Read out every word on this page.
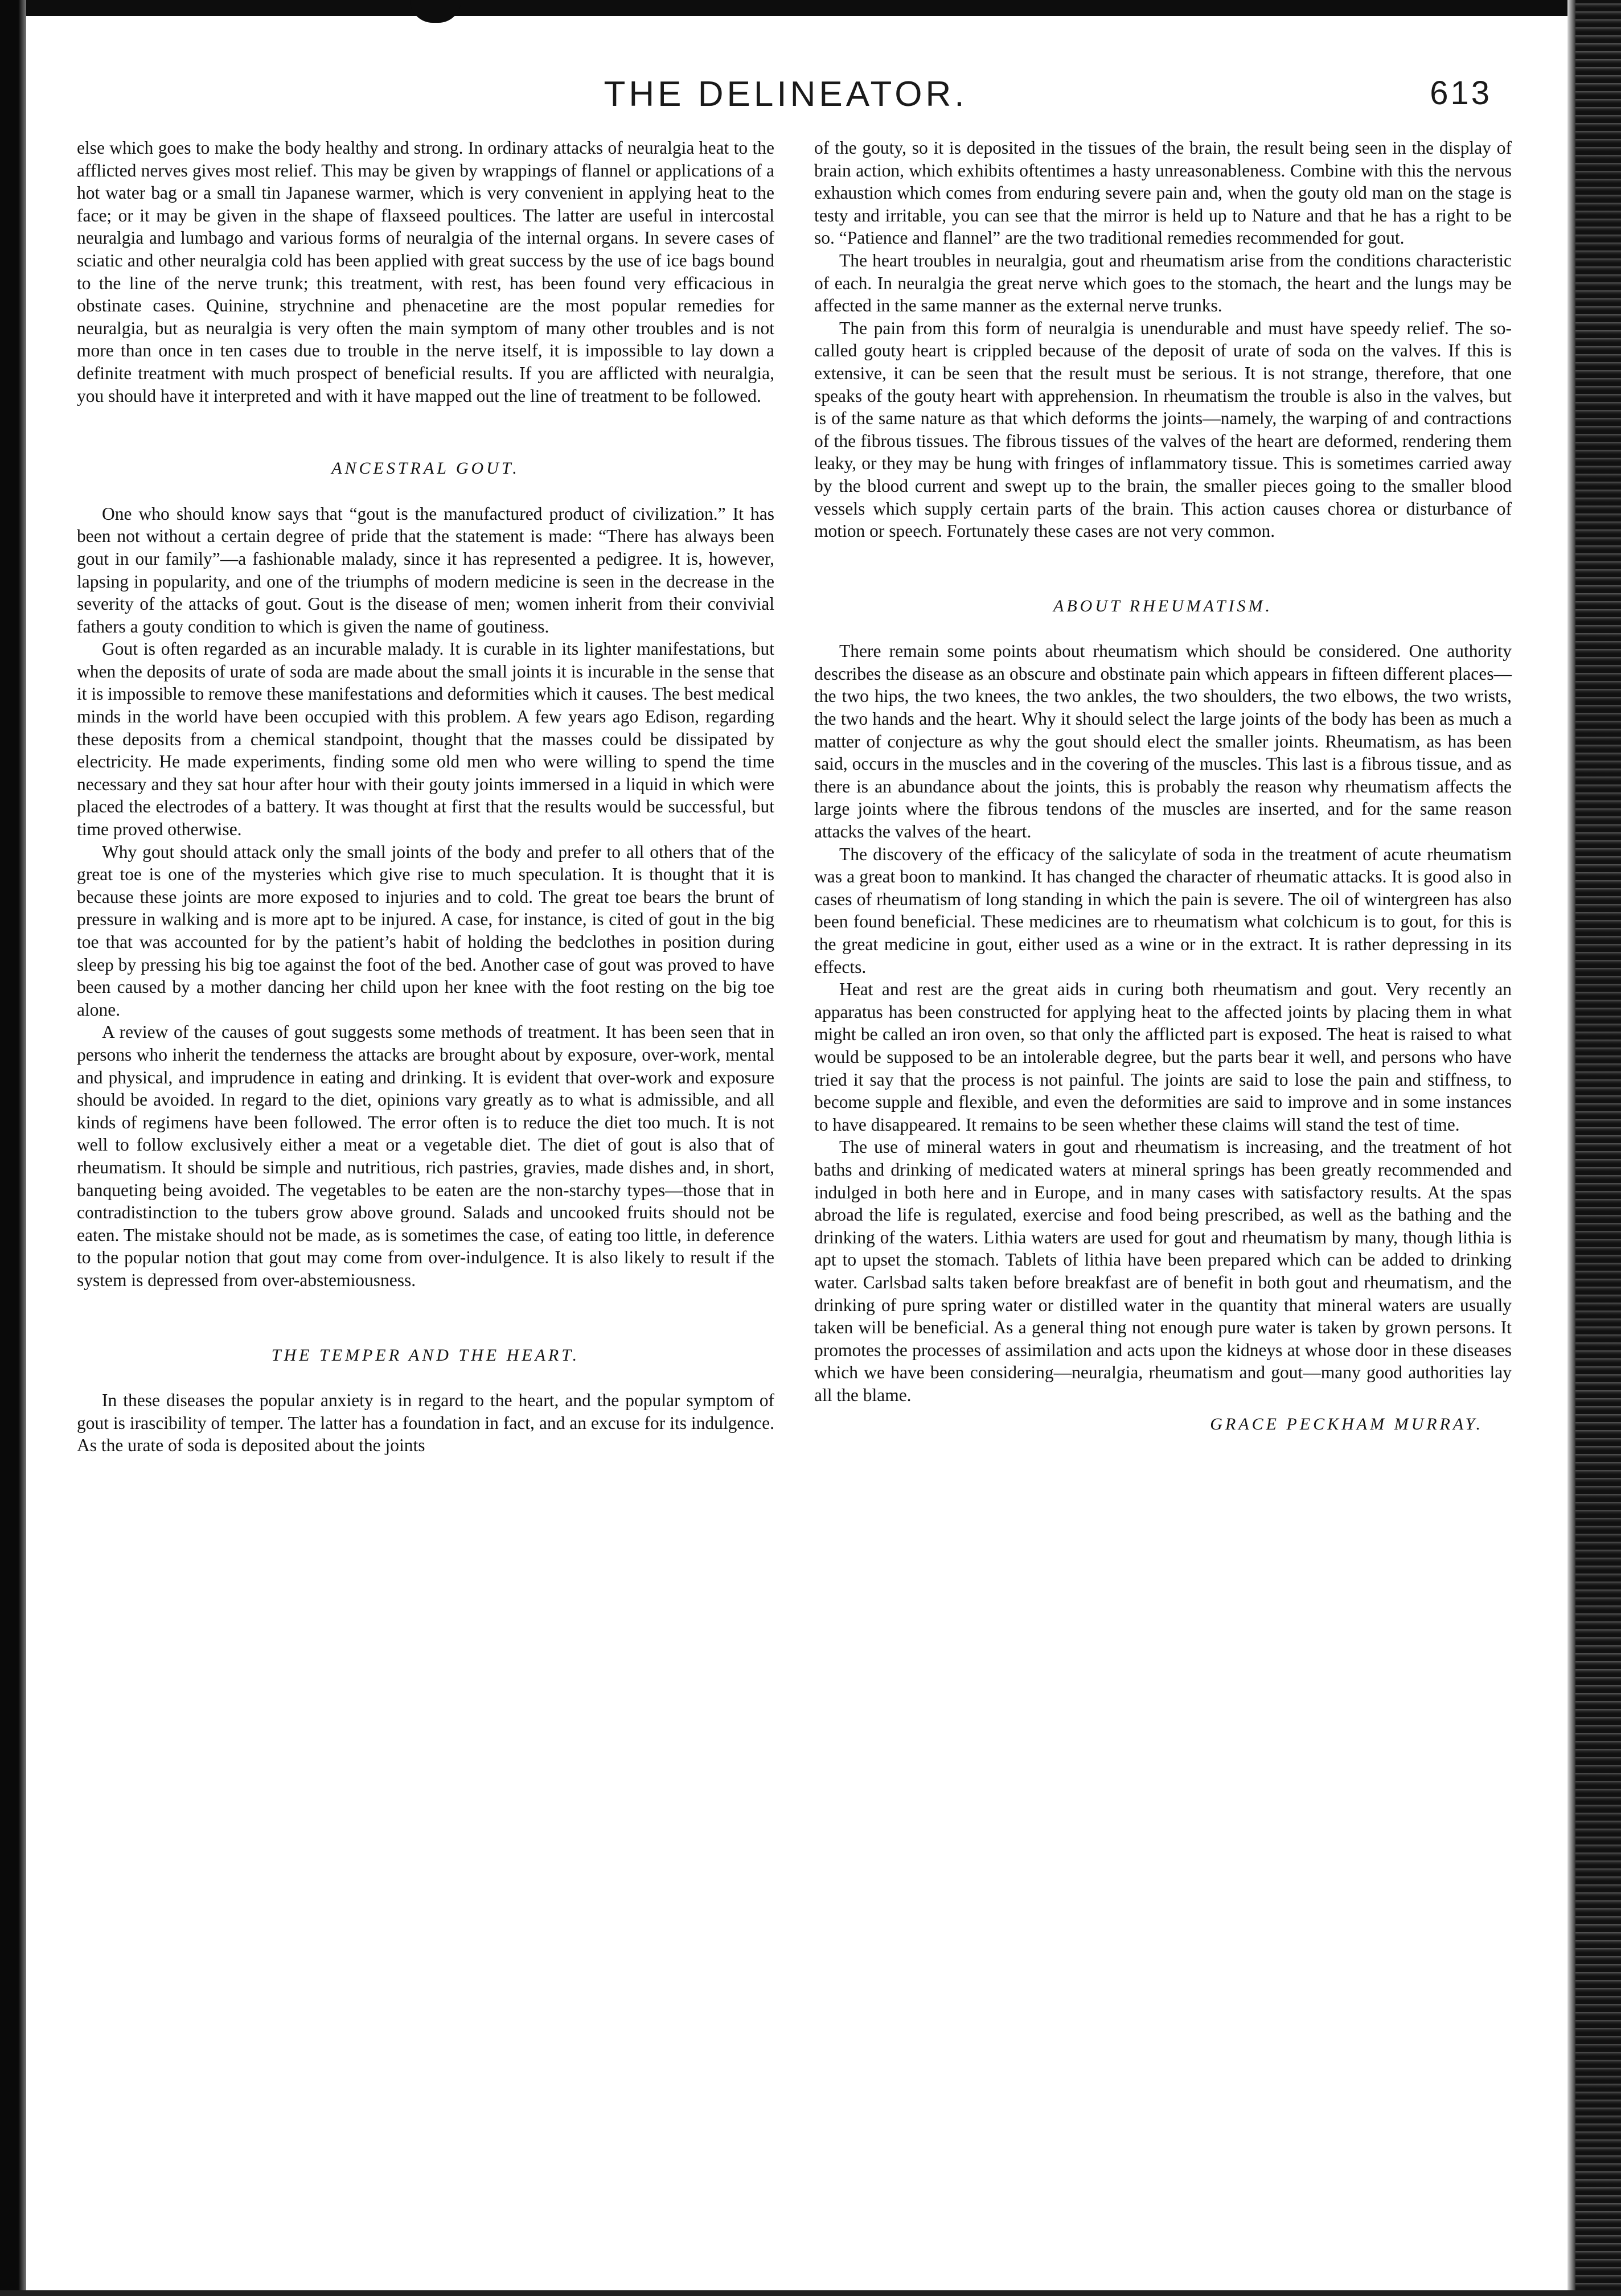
THE DELINEATOR.	613

else which goes to make the body healthy and strong. In ordinary attacks of neuralgia heat to the afflicted nerves gives most relief. This may be given by wrappings of flannel or applications of a hot water bag or a small tin Japanese warmer, which is very convenient in applying heat to the face; or it may be given in the shape of flaxseed poultices. The latter are useful in intercostal neuralgia and lumbago and various forms of neuralgia of the internal organs. In severe cases of sciatic and other neuralgia cold has been applied with great success by the use of ice bags bound to the line of the nerve trunk; this treatment, with rest, has been found very efficacious in obstinate cases. Quinine, strychnine and phenacetine are the most popular remedies for neuralgia, but as neuralgia is very often the main symptom of many other troubles and is not more than once in ten cases due to trouble in the nerve itself, it is impossible to lay down a definite treatment with much prospect of beneficial results. If you are afflicted with neuralgia, you should have it interpreted and with it have mapped out the line of treatment to be followed.

ANCESTRAL GOUT.

One who should know says that “gout is the manufactured product of civilization.” It has been not without a certain degree of pride that the statement is made: “There has always been gout in our family”—a fashionable malady, since it has represented a pedigree. It is, however, lapsing in popularity, and one of the triumphs of modern medicine is seen in the decrease in the severity of the attacks of gout. Gout is the disease of men; women inherit from their convivial fathers a gouty condition to which is given the name of goutiness.

Gout is often regarded as an incurable malady. It is curable in its lighter manifestations, but when the deposits of urate of soda are made about the small joints it is incurable in the sense that it is impossible to remove these manifestations and deformities which it causes. The best medical minds in the world have been occupied with this problem. A few years ago Edison, regarding these deposits from a chemical standpoint, thought that the masses could be dissipated by electricity. He made experiments, finding some old men who were willing to spend the time necessary and they sat hour after hour with their gouty joints immersed in a liquid in which were placed the electrodes of a battery. It was thought at first that the results would be successful, but time proved otherwise.

Why gout should attack only the small joints of the body and prefer to all others that of the great toe is one of the mysteries which give rise to much speculation. It is thought that it is because these joints are more exposed to injuries and to cold. The great toe bears the brunt of pressure in walking and is more apt to be injured. A case, for instance, is cited of gout in the big toe that was accounted for by the patient’s habit of holding the bedclothes in position during sleep by pressing his big toe against the foot of the bed. Another case of gout was proved to have been caused by a mother dancing her child upon her knee with the foot resting on the big toe alone.

A review of the causes of gout suggests some methods of treatment. It has been seen that in persons who inherit the tenderness the attacks are brought about by exposure, over-work, mental and physical, and imprudence in eating and drinking. It is evident that over-work and exposure should be avoided. In regard to the diet, opinions vary greatly as to what is admissible, and all kinds of regimens have been followed. The error often is to reduce the diet too much. It is not well to follow exclusively either a meat or a vegetable diet. The diet of gout is also that of rheumatism. It should be simple and nutritious, rich pastries, gravies, made dishes and, in short, banqueting being avoided. The vegetables to be eaten are the non-starchy types—those that in contradistinction to the tubers grow above ground. Salads and uncooked fruits should not be eaten. The mistake should not be made, as is sometimes the case, of eating too little, in deference to the popular notion that gout may come from over-indulgence. It is also likely to result if the system is depressed from over-abstemiousness.

THE TEMPER AND THE HEART.

In these diseases the popular anxiety is in regard to the heart, and the popular symptom of gout is irascibility of temper. The latter has a foundation in fact, and an excuse for its indulgence. As the urate of soda is deposited about the joints

of the gouty, so it is deposited in the tissues of the brain, the result being seen in the display of brain action, which exhibits oftentimes a hasty unreasonableness. Combine with this the nervous exhaustion which comes from enduring severe pain and, when the gouty old man on the stage is testy and irritable, you can see that the mirror is held up to Nature and that he has a right to be so. “Patience and flannel” are the two traditional remedies recommended for gout.

The heart troubles in neuralgia, gout and rheumatism arise from the conditions characteristic of each. In neuralgia the great nerve which goes to the stomach, the heart and the lungs may be affected in the same manner as the external nerve trunks.

The pain from this form of neuralgia is unendurable and must have speedy relief. The so-called gouty heart is crippled because of the deposit of urate of soda on the valves. If this is extensive, it can be seen that the result must be serious. It is not strange, therefore, that one speaks of the gouty heart with apprehension. In rheumatism the trouble is also in the valves, but is of the same nature as that which deforms the joints—namely, the warping of and contractions of the fibrous tissues. The fibrous tissues of the valves of the heart are deformed, rendering them leaky, or they may be hung with fringes of inflammatory tissue. This is sometimes carried away by the blood current and swept up to the brain, the smaller pieces going to the smaller blood vessels which supply certain parts of the brain. This action causes chorea or disturbance of motion or speech. Fortunately these cases are not very common.

ABOUT RHEUMATISM.

There remain some points about rheumatism which should be considered. One authority describes the disease as an obscure and obstinate pain which appears in fifteen different places—the two hips, the two knees, the two ankles, the two shoulders, the two elbows, the two wrists, the two hands and the heart. Why it should select the large joints of the body has been as much a matter of conjecture as why the gout should elect the smaller joints. Rheumatism, as has been said, occurs in the muscles and in the covering of the muscles. This last is a fibrous tissue, and as there is an abundance about the joints, this is probably the reason why rheumatism affects the large joints where the fibrous tendons of the muscles are inserted, and for the same reason attacks the valves of the heart.

The discovery of the efficacy of the salicylate of soda in the treatment of acute rheumatism was a great boon to mankind. It has changed the character of rheumatic attacks. It is good also in cases of rheumatism of long standing in which the pain is severe. The oil of wintergreen has also been found beneficial. These medicines are to rheumatism what colchicum is to gout, for this is the great medicine in gout, either used as a wine or in the extract. It is rather depressing in its effects.

Heat and rest are the great aids in curing both rheumatism and gout. Very recently an apparatus has been constructed for applying heat to the affected joints by placing them in what might be called an iron oven, so that only the afflicted part is exposed. The heat is raised to what would be supposed to be an intolerable degree, but the parts bear it well, and persons who have tried it say that the process is not painful. The joints are said to lose the pain and stiffness, to become supple and flexible, and even the deformities are said to improve and in some instances to have disappeared. It remains to be seen whether these claims will stand the test of time.

The use of mineral waters in gout and rheumatism is increasing, and the treatment of hot baths and drinking of medicated waters at mineral springs has been greatly recommended and indulged in both here and in Europe, and in many cases with satisfactory results. At the spas abroad the life is regulated, exercise and food being prescribed, as well as the bathing and the drinking of the waters. Lithia waters are used for gout and rheumatism by many, though lithia is apt to upset the stomach. Tablets of lithia have been prepared which can be added to drinking water. Carlsbad salts taken before breakfast are of benefit in both gout and rheumatism, and the drinking of pure spring water or distilled water in the quantity that mineral waters are usually taken will be beneficial. As a general thing not enough pure water is taken by grown persons. It promotes the processes of assimilation and acts upon the kidneys at whose door in these diseases which we have been considering—neuralgia, rheumatism and gout—many good authorities lay all the blame.

GRACE PECKHAM MURRAY.
